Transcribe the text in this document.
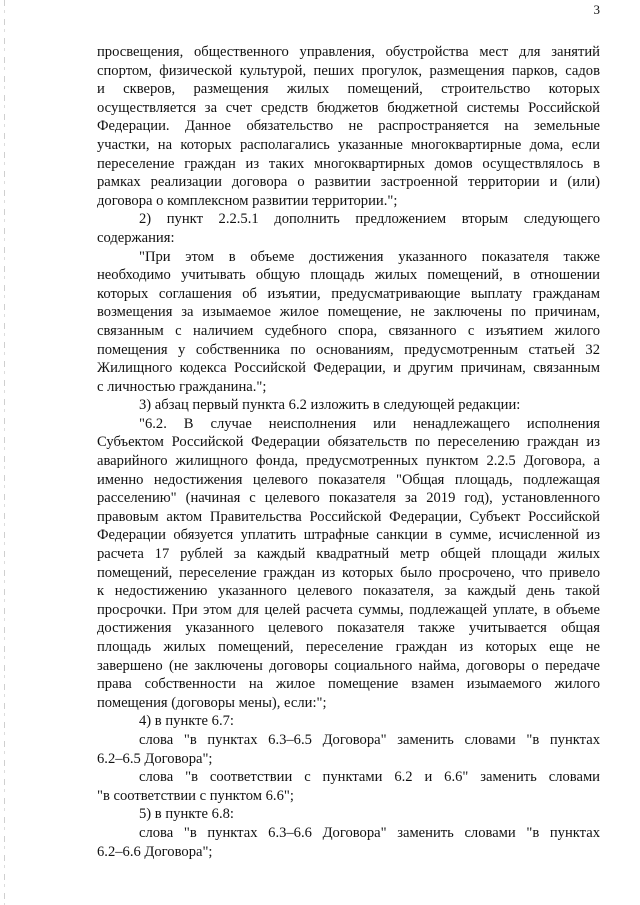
3
просвещения, общественного управления, обустройства мест для занятий
спортом, физической культурой, пеших прогулок, размещения парков, садов
и скверов, размещения жилых помещений, строительство которых
осуществляется за счет средств бюджетов бюджетной системы Российской
Федерации. Данное обязательство не распространяется на земельные
участки, на которых располагались указанные многоквартирные дома, если
переселение граждан из таких многоквартирных домов осуществлялось в
рамках реализации договора о развитии застроенной территории и (или)
договора о комплексном развитии территории.";
2) пункт 2.2.5.1 дополнить предложением вторым следующего
содержания:
"При этом в объеме достижения указанного показателя также
необходимо учитывать общую площадь жилых помещений, в отношении
которых соглашения об изъятии, предусматривающие выплату гражданам
возмещения за изымаемое жилое помещение, не заключены по причинам,
связанным с наличием судебного спора, связанного с изъятием жилого
помещения у собственника по основаниям, предусмотренным статьей 32
Жилищного кодекса Российской Федерации, и другим причинам, связанным
с личностью гражданина.";
3) абзац первый пункта 6.2 изложить в следующей редакции:
"6.2. В случае неисполнения или ненадлежащего исполнения
Субъектом Российской Федерации обязательств по переселению граждан из
аварийного жилищного фонда, предусмотренных пунктом 2.2.5 Договора, а
именно недостижения целевого показателя "Общая площадь, подлежащая
расселению" (начиная с целевого показателя за 2019 год), установленного
правовым актом Правительства Российской Федерации, Субъект Российской
Федерации обязуется уплатить штрафные санкции в сумме, исчисленной из
расчета 17 рублей за каждый квадратный метр общей площади жилых
помещений, переселение граждан из которых было просрочено, что привело
к недостижению указанного целевого показателя, за каждый день такой
просрочки. При этом для целей расчета суммы, подлежащей уплате, в объеме
достижения указанного целевого показателя также учитывается общая
площадь жилых помещений, переселение граждан из которых еще не
завершено (не заключены договоры социального найма, договоры о передаче
права собственности на жилое помещение взамен изымаемого жилого
помещения (договоры мены), если:";
4) в пункте 6.7:
слова "в пунктах 6.3–6.5 Договора" заменить словами "в пунктах
6.2–6.5 Договора";
слова "в соответствии с пунктами 6.2 и 6.6" заменить словами
"в соответствии с пунктом 6.6";
5) в пункте 6.8:
слова "в пунктах 6.3–6.6 Договора" заменить словами "в пунктах
6.2–6.6 Договора";
